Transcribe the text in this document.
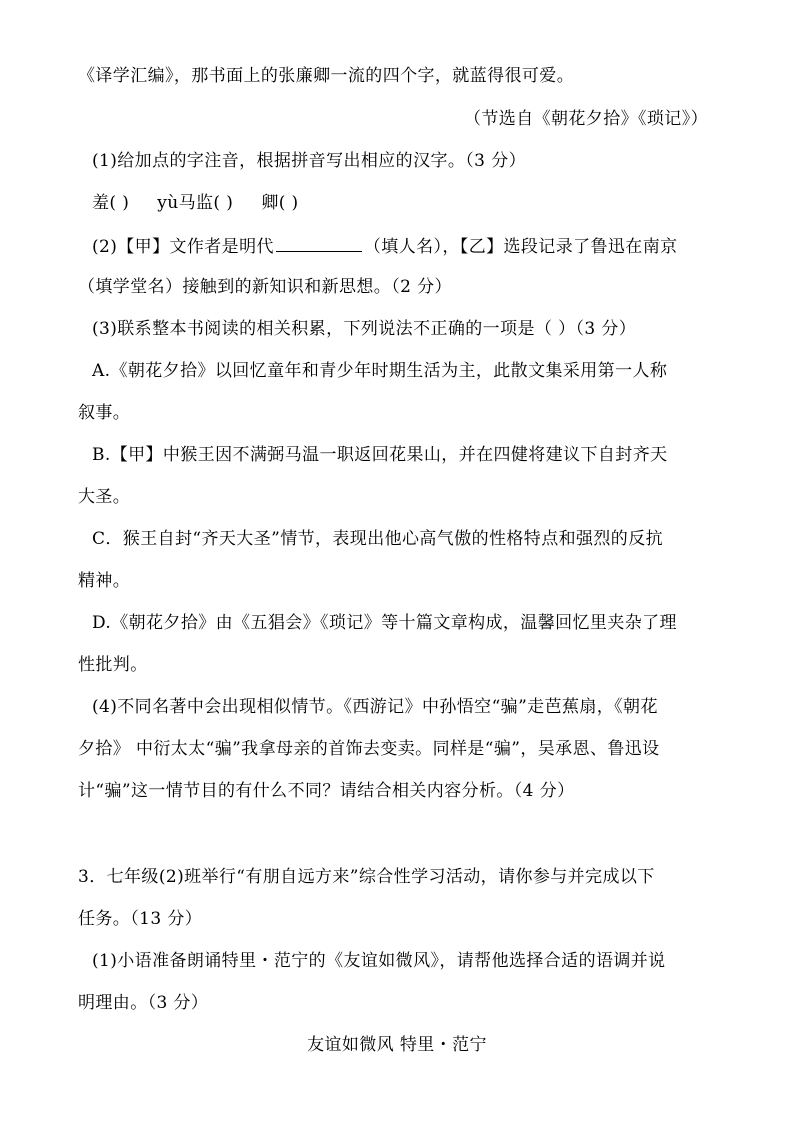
《译学汇编》，那书面上的张廉卿一流的四个字，就蓝得很可爱。
（节选自《朝花夕拾》《琐记》）
(1)给加点的字注音，根据拼音写出相应的汉字。（3 分）
羞( ) yù马监( ) 卿( )
(2)【甲】文作者是明代	（填人名），【乙】选段记录了鲁迅在南京
（填学堂名）接触到的新知识和新思想。（2 分）
(3)联系整本书阅读的相关积累，下列说法不正确的一项是（ ）（3 分）
A.《朝花夕拾》以回忆童年和青少年时期生活为主，此散文集采用第一人称
叙事。
B.【甲】中猴王因不满弼马温一职返回花果山，并在四健将建议下自封齐天
大圣。
C．猴王自封“齐天大圣”情节，表现出他心高气傲的性格特点和强烈的反抗
精神。
D.《朝花夕拾》由《五猖会》《琐记》等十篇文章构成，温馨回忆里夹杂了理
性批判。
(4)不同名著中会出现相似情节。《西游记》中孙悟空“骗”走芭蕉扇，《朝花
夕拾》 中衍太太“骗”我拿母亲的首饰去变卖。同样是“骗”，吴承恩、鲁迅设
计“骗”这一情节目的有什么不同？请结合相关内容分析。（4 分）
3．七年级(2)班举行“有朋自远方来”综合性学习活动，请你参与并完成以下
任务。（13 分）
(1)小语准备朗诵特里・范宁的《友谊如微风》，请帮他选择合适的语调并说
明理由。（3 分）
友谊如微风 特里・范宁
